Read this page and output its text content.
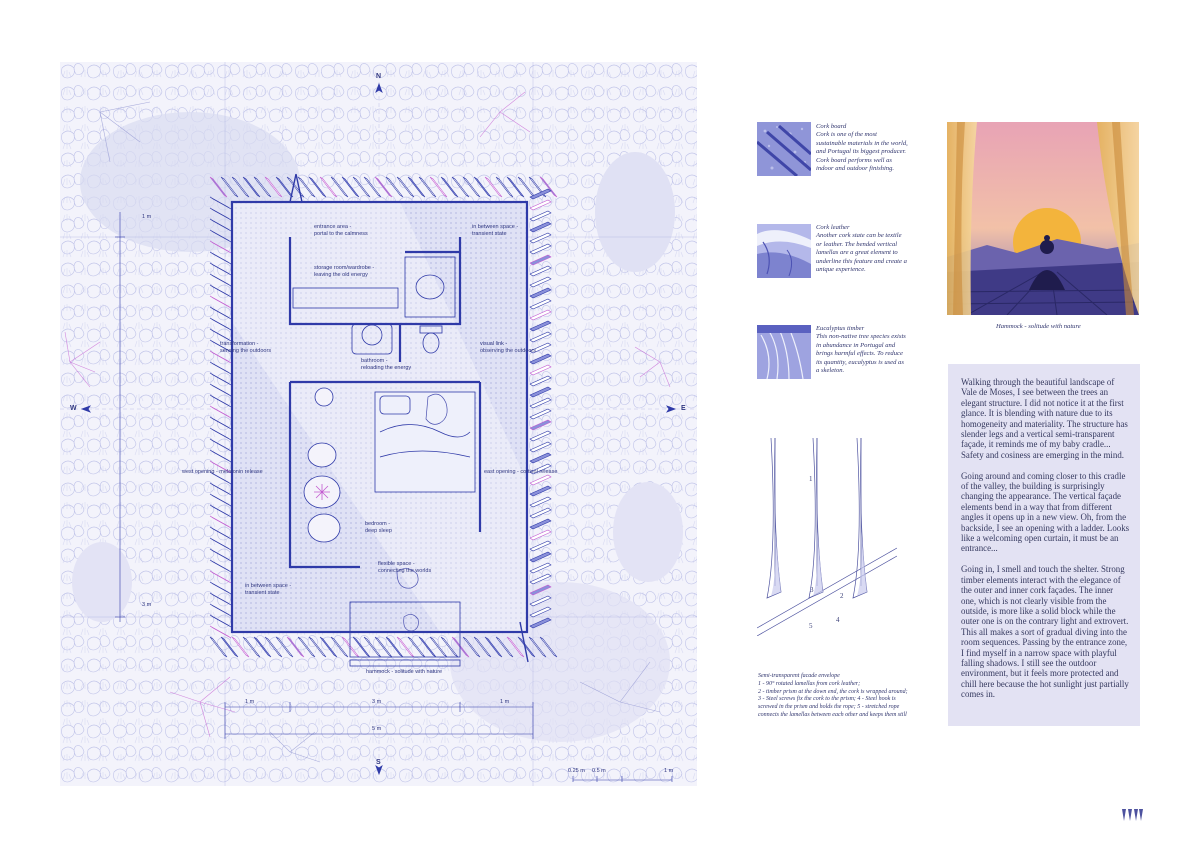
N
S
W	E
entrance area -
portal to the calmness
in between space -
transient state
storage room/wardrobe -
leaving the old energy
transformation -
sensing the outdoors
bathroom -
reloading the energy
visual link -
observing the outdoors
west opening - melatonin release	east opening - cortisol release
bedroom -
deep sleep
flexible space -
connecting the worlds
in between space -
transient state
hammock - solitude with nature
1 m	3 m	1 m
5 m
1 m
3 m
0.25 m 0.5 m	1 m
Cork board
Cork is one of the most sustainable materials in the world, and Portugal its biggest producer. Cork board performs well as indoor and outdoor finishing.
Cork leather
Another cork state can be textile or leather. The bended vertical lamellas are a great element to underline this feature and create a unique experience.
Eucalyptus timber
This non-native tree species exists in abundance in Portugal and brings harmful effects. To reduce its quantity, eucalyptus is used as a skeleton.
1
2
3
4
5
Semi-transparent facade envelope
1 - 90° rotated lamellas from cork leather;
2 - timber prism at the down end, the cork is wrapped around; 3 - Steel screws fix the cork to the prism; 4 - Steel hook is screwed in the prism and holds the rope; 5 - stretched rope connects the lamellas between each other and keeps them still
Hammock - solitude with nature

Walking through the beautiful landscape of Vale de Moses, I see between the trees an elegant structure. I did not notice it at the first glance. It is blending with nature due to its homogeneity and materiality. The structure has slender legs and a vertical semi-transparent façade, it reminds me of my baby cradle... Safety and cosiness are emerging in the mind.

Going around and coming closer to this cradle of the valley, the building is surprisingly changing the appearance. The vertical façade elements bend in a way that from different angles it opens up in a new view. Oh, from the backside, I see an opening with a ladder. Looks like a welcoming open curtain, it must be an entrance...

Going in, I smell and touch the shelter. Strong timber elements interact with the elegance of the outer and inner cork façades. The inner one, which is not clearly visible from the outside, is more like a solid block while the outer one is on the contrary light and extrovert. This all makes a sort of gradual diving into the room sequences. Passing by the entrance zone, I find myself in a narrow space with playful falling shadows. I still see the outdoor environment, but it feels more protected and chill here because the hot sunlight just partially comes in.
